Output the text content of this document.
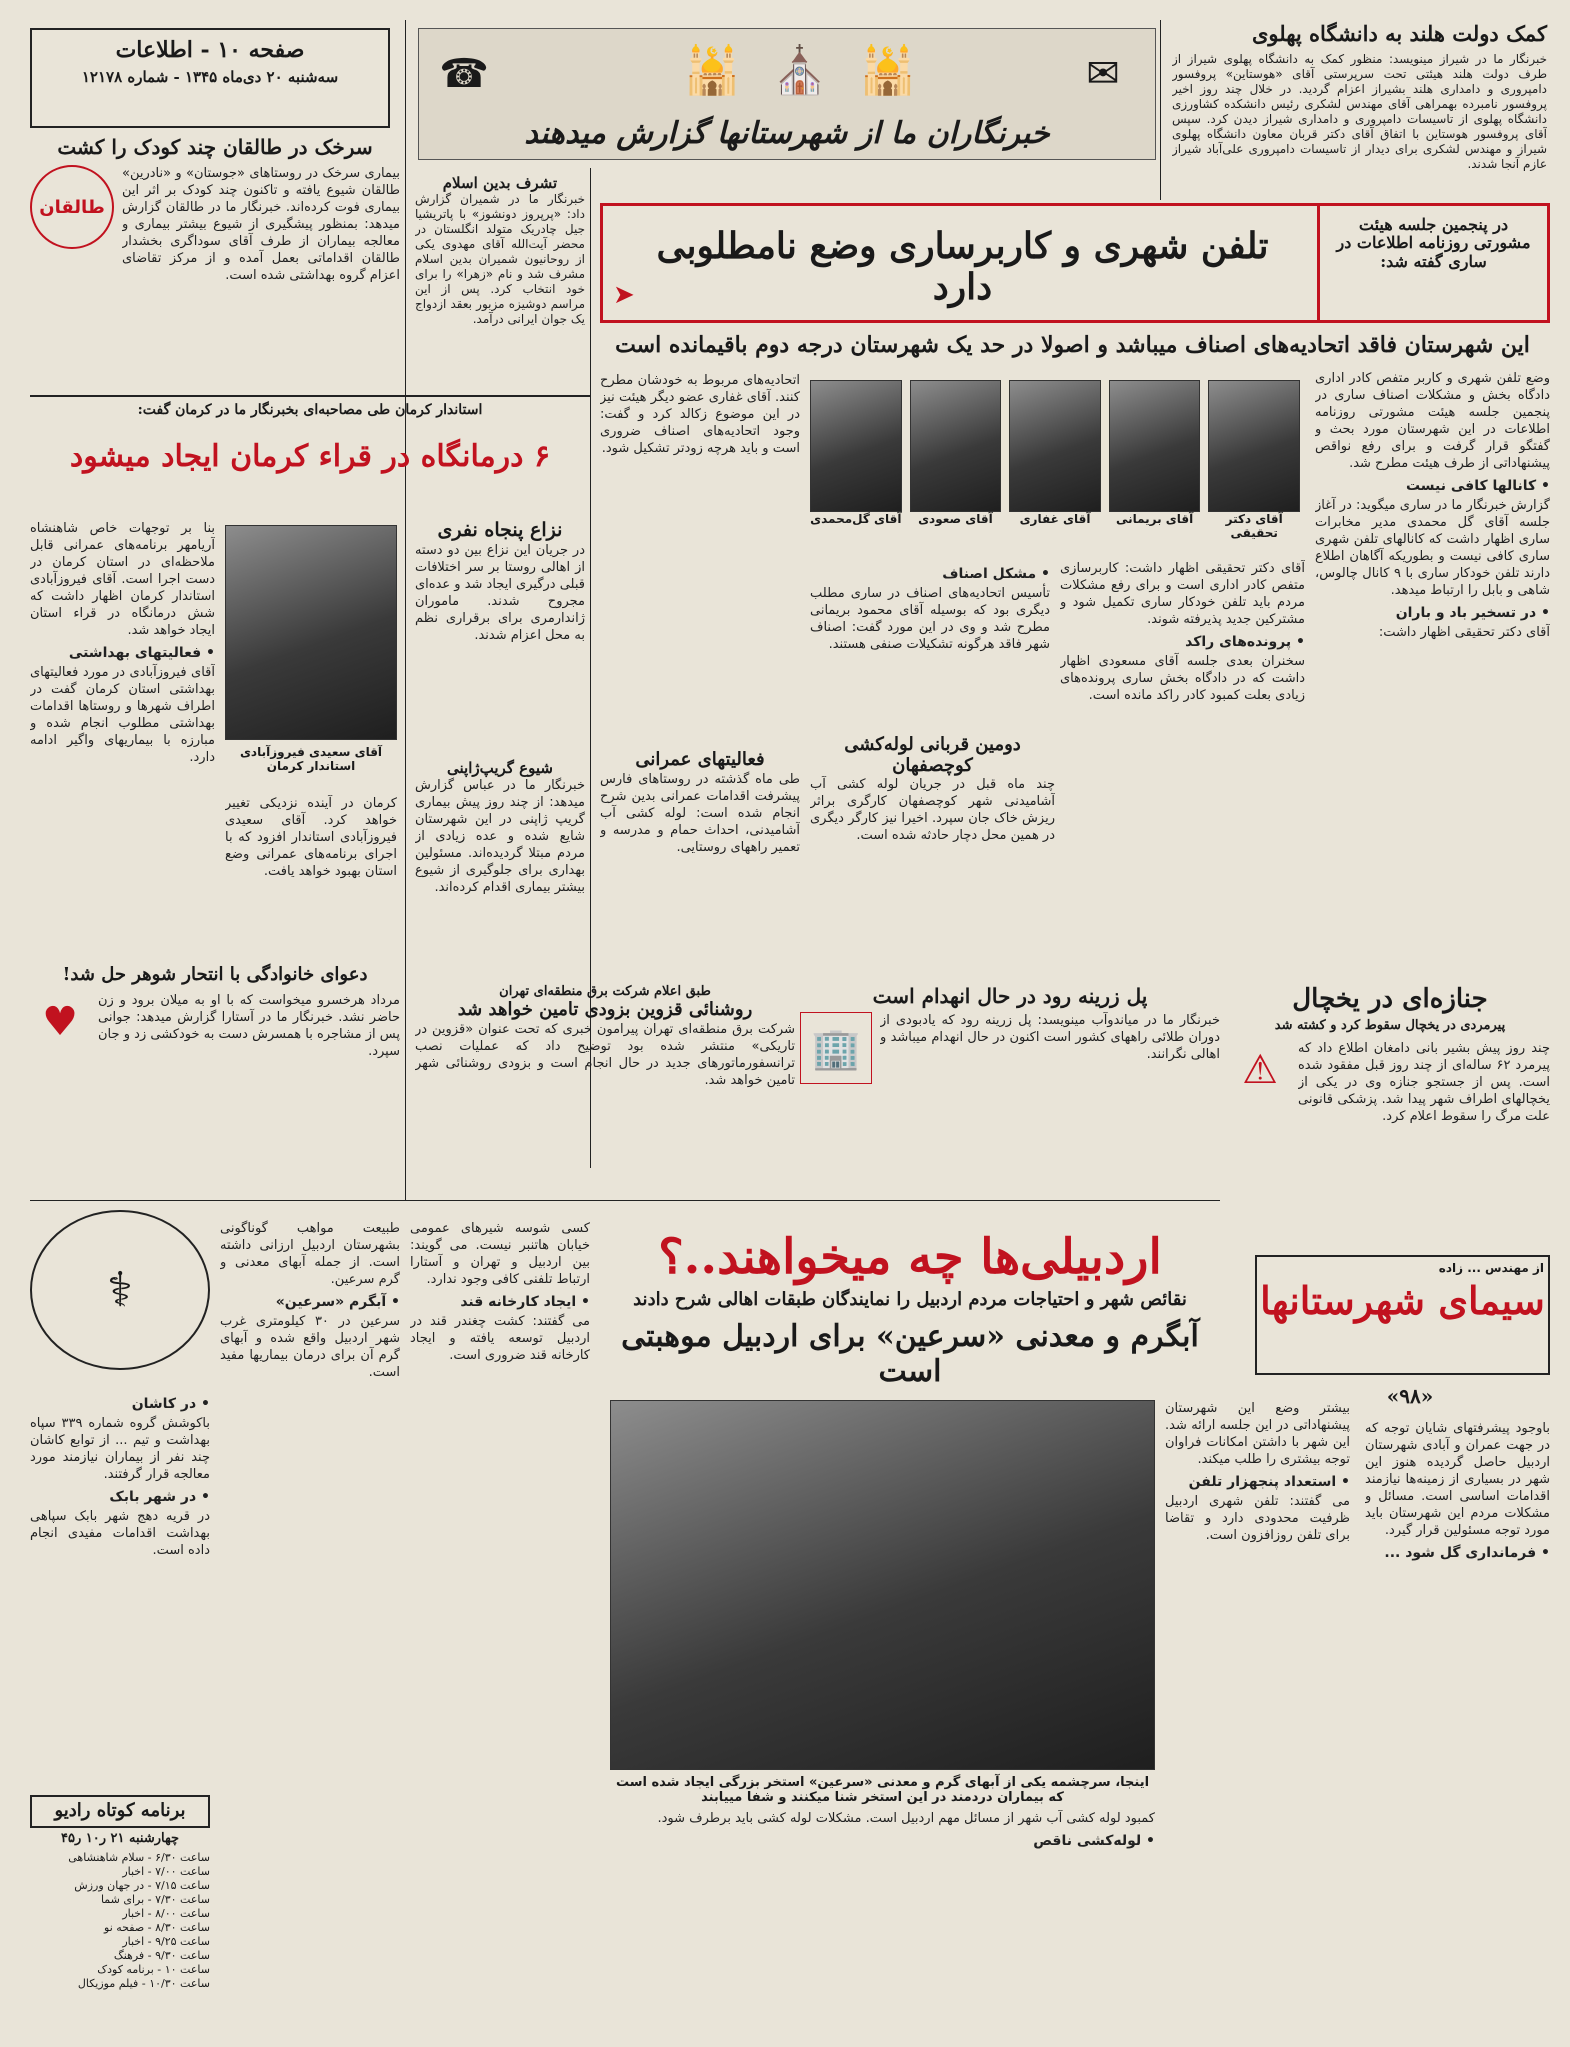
صفحه ۱۰ - اطلاعات
سه‌شنبه ۲۰ دی‌ماه ۱۳۴۵ - شماره ۱۲۱۷۸	☎	🕌 ⛪ 🕌	✉
خبرنگاران ما از شهرستانها گزارش میدهند
کمک دولت هلند به دانشگاه پهلوی
خبرنگار ما در شیراز مینویسد: منظور کمک به دانشگاه پهلوی شیراز از طرف دولت هلند هیئتی تحت سرپرستی آقای «هوستاین» پروفسور دامپروری و دامداری هلند بشیراز اعزام گردید. در خلال چند روز اخیر پروفسور نامبرده بهمراهی آقای مهندس لشکری رئیس دانشکده کشاورزی دانشگاه پهلوی از تاسیسات دامپروری و دامداری شیراز دیدن کرد. سپس آقای پروفسور هوستاین با اتفاق آقای دکتر قربان معاون دانشگاه پهلوی شیراز و مهندس لشکری برای دیدار از تاسیسات دامپروری علی‌آباد شیراز عازم آنجا شدند.
در پنجمین جلسه هیئت مشورتی روزنامه اطلاعات در ساری گفته شد:
تلفن شهری و کاربرساری وضع نامطلوبی دارد
➤
این شهرستان فاقد اتحادیه‌های اصناف میباشد و اصولا در حد یک شهرستان درجه دوم باقیمانده است
آقای دکتر تحقیقی
آقای بریمانی
آقای غفاری
آقای صعودی
آقای گل‌محمدی
وضع تلفن شهری و کاربر متفص کادر اداری دادگاه بخش و مشکلات اصناف ساری در پنجمین جلسه هیئت مشورتی روزنامه اطلاعات در این شهرستان مورد بحث و گفتگو قرار گرفت و برای رفع نواقص پیشنهاداتی از طرف هیئت مطرح شد.
• کانالها کافی نیست
گزارش خبرنگار ما در ساری میگوید: در آغاز جلسه آقای گل محمدی مدیر مخابرات ساری اظهار داشت که کانالهای تلفن شهری ساری کافی نیست و بطوریکه آگاهان اطلاع دارند تلفن خودکار ساری با ۹ کانال چالوس، شاهی و بابل را ارتباط میدهد.
• در تسخیر باد و باران
آقای دکتر تحقیقی اظهار داشت:
آقای دکتر تحقیقی اظهار داشت: کاربرسازی متفص کادر اداری است و برای رفع مشکلات مردم باید تلفن خودکار ساری تکمیل شود و مشترکین جدید پذیرفته شوند.
• پرونده‌های راکد
سخنران بعدی جلسه آقای مسعودی اظهار داشت که در دادگاه بخش ساری پرونده‌های زیادی بعلت کمبود کادر راکد مانده است.
• مشکل اصناف
تأسیس اتحادیه‌های اصناف در ساری مطلب دیگری بود که بوسیله آقای محمود بریمانی مطرح شد و وی در این مورد گفت: اصناف شهر فاقد هرگونه تشکیلات صنفی هستند.
اتحادیه‌های مربوط به خودشان مطرح کنند. آقای غفاری عضو دیگر هیئت نیز در این موضوع زکالد کرد و گفت: وجود اتحادیه‌های اصناف ضروری است و باید هرچه زودتر تشکیل شود.
سرخک در طالقان چند کودک را کشت
بیماری سرخک در روستاهای «جوستان» و «نادرین» طالقان شیوع یافته و تاکنون چند کودک بر اثر این بیماری فوت کرده‌اند. خبرنگار ما در طالقان گزارش میدهد: بمنظور پیشگیری از شیوع بیشتر بیماری و معالجه بیماران از طرف آقای سوداگری بخشدار طالقان اقداماتی بعمل آمده و از مرکز تقاضای اعزام گروه بهداشتی شده است.
طالقان
تشرف بدین اسلام
خبرنگار ما در شمیران گزارش داد: «پرپروز دونشوز» با پاتریشیا جیل چادریک متولد انگلستان در محضر آیت‌الله آقای مهدوی یکی از روحانیون شمیران بدین اسلام مشرف شد و نام «زهرا» را برای خود انتخاب کرد. پس از این مراسم دوشیزه مزبور بعقد ازدواج یک جوان ایرانی درآمد.
استاندار کرمان طی مصاحبه‌ای بخبرنگار ما در کرمان گفت:
۶ درمانگاه در قراء کرمان ایجاد میشود
آقای سعیدی فیروزآبادی استاندار کرمان
بنا بر توجهات خاص شاهنشاه آریامهر برنامه‌های عمرانی قابل ملاحظه‌ای در استان کرمان در دست اجرا است. آقای فیروزآبادی استاندار کرمان اظهار داشت که شش درمانگاه در قراء استان ایجاد خواهد شد.
• فعالیتهای بهداشتی
آقای فیروزآبادی در مورد فعالیتهای بهداشتی استان کرمان گفت در اطراف شهرها و روستاها اقدامات بهداشتی مطلوب انجام شده و مبارزه با بیماریهای واگیر ادامه دارد.
کرمان در آینده نزدیکی تغییر خواهد کرد. آقای سعیدی فیروزآبادی استاندار افزود که با اجرای برنامه‌های عمرانی وضع استان بهبود خواهد یافت.
نزاع پنجاه نفری
در جریان این نزاع بین دو دسته از اهالی روستا بر سر اختلافات قبلی درگیری ایجاد شد و عده‌ای مجروح شدند. ماموران ژاندارمری برای برقراری نظم به محل اعزام شدند.
شیوع گریپ‌ژاپنی
خبرنگار ما در عباس گزارش میدهد: از چند روز پیش بیماری گریپ ژاپنی در این شهرستان شایع شده و عده زیادی از مردم مبتلا گردیده‌اند. مسئولین بهداری برای جلوگیری از شیوع بیشتر بیماری اقدام کرده‌اند.
فعالیتهای عمرانی
طی ماه گذشته در روستاهای فارس پیشرفت اقدامات عمرانی بدین شرح انجام شده است: لوله کشی آب آشامیدنی، احداث حمام و مدرسه و تعمیر راههای روستایی.
دومین قربانی لوله‌کشی کوچصفهان
چند ماه قبل در جریان لوله کشی آب آشامیدنی شهر کوچصفهان کارگری براثر ریزش خاک جان سپرد. اخیرا نیز کارگر دیگری در همین محل دچار حادثه شده است.
پل زرینه رود در حال انهدام است
خبرنگار ما در میاندوآب مینویسد: پل زرینه رود که یادبودی از دوران طلائی راههای کشور است اکنون در حال انهدام میباشد و اهالی نگرانند.
🏢
طبق اعلام شرکت برق منطقه‌ای تهران
روشنائی قزوین بزودی تامین خواهد شد
شرکت برق منطقه‌ای تهران پیرامون خبری که تحت عنوان «قزوین در تاریکی» منتشر شده بود توضیح داد که عملیات نصب ترانسفورماتورهای جدید در حال انجام است و بزودی روشنائی شهر تامین خواهد شد.
دعوای خانوادگی با انتحار شوهر حل شد!
مرداد هرخسرو میخواست که با او به میلان برود و زن حاضر نشد. خبرنگار ما در آستارا گزارش میدهد: جوانی پس از مشاجره با همسرش دست به خودکشی زد و جان سپرد.
♥	جنازه‌ای در یخچال
پیرمردی در یخچال سقوط کرد و کشته شد
چند روز پیش بشیر بانی دامغان اطلاع داد که پیرمرد ۶۲ ساله‌ای از چند روز قبل مفقود شده است. پس از جستجو جنازه وی در یکی از یخچالهای اطراف شهر پیدا شد. پزشکی قانونی علت مرگ را سقوط اعلام کرد.
⚠
اردبیلی‌ها چه میخواهند..؟
نقائص شهر و احتیاجات مردم اردبیل را نمایندگان طبقات اهالی شرح دادند
آبگرم و معدنی «سرعین» برای اردبیل موهبتی است
اینجا، سرچشمه یکی از آبهای گرم و معدنی «سرعین» استخر بزرگی ایجاد شده است که بیماران دردمند در این استخر شنا میکنند و شفا مییابند
بیشتر وضع این شهرستان پیشنهاداتی در این جلسه ارائه شد. این شهر با داشتن امکانات فراوان توجه بیشتری را طلب میکند.
• استعداد پنجهزار تلفن
می گفتند: تلفن شهری اردبیل ظرفیت محدودی دارد و تقاضا برای تلفن روزافزون است.
کسی شوسه شیرهای عمومی خیابان هاتنبر نیست. می گویند: بین اردبیل و تهران و آستارا ارتباط تلفنی کافی وجود ندارد.
• ایجاد کارخانه قند
می گفتند: کشت چغندر قند در اردبیل توسعه یافته و ایجاد کارخانه قند ضروری است.
طبیعت مواهب گوناگونی بشهرستان اردبیل ارزانی داشته است. از جمله آبهای معدنی و گرم سرعین.
• آبگرم «سرعین»
سرعین در ۳۰ کیلومتری غرب شهر اردبیل واقع شده و آبهای گرم آن برای درمان بیماریها مفید است.
کمبود لوله کشی آب شهر از مسائل مهم اردبیل است. مشکلات لوله کشی باید برطرف شود.
• لوله‌کشی ناقص
از مهندس ... زاده
سیمای شهرستانها
«۹۸»
باوجود پیشرفتهای شایان توجه که در جهت عمران و آبادی شهرستان اردبیل حاصل گردیده هنوز این شهر در بسیاری از زمینه‌ها نیازمند اقدامات اساسی است. مسائل و مشکلات مردم این شهرستان باید مورد توجه مسئولین قرار گیرد.
• فرمانداری گل شود ...
⚕
• در کاشان
باکوشش گروه شماره ۳۳۹ سپاه بهداشت و تیم ... از توابع کاشان چند نفر از بیماران نیازمند مورد معالجه قرار گرفتند.
• در شهر بابک
در قریه دهج شهر بابک سپاهی بهداشت اقدامات مفیدی انجام داده است.
برنامه کوتاه رادیو
چهارشنبه ۲۱ ر۱۰ ر۴۵
ساعت ۶/۳۰ - سلام شاهنشاهی
ساعت ۷/۰۰ - اخبار
ساعت ۷/۱۵ - در جهان ورزش
ساعت ۷/۳۰ - برای شما
ساعت ۸/۰۰ - اخبار
ساعت ۸/۳۰ - صفحه نو
ساعت ۹/۲۵ - اخبار
ساعت ۹/۳۰ - فرهنگ
ساعت ۱۰ - برنامه کودک
ساعت ۱۰/۳۰ - فیلم موزیکال
